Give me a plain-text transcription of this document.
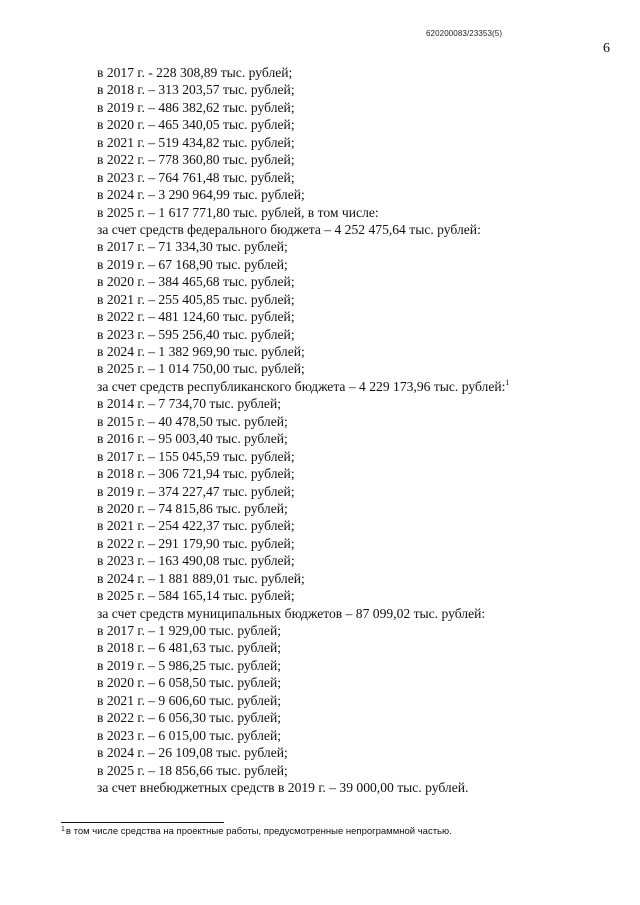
620200083/23353(5)
6
в 2017 г. - 228 308,89 тыс. рублей;
в 2018 г. – 313 203,57 тыс. рублей;
в 2019 г. – 486 382,62 тыс. рублей;
в 2020 г. – 465 340,05 тыс. рублей;
в 2021 г. – 519 434,82 тыс. рублей;
в 2022 г. – 778 360,80 тыс. рублей;
в 2023 г. – 764 761,48 тыс. рублей;
в 2024 г. – 3 290 964,99 тыс. рублей;
в 2025 г. – 1 617 771,80 тыс. рублей, в том числе:
за счет средств федерального бюджета – 4 252 475,64 тыс. рублей:
в 2017 г. – 71 334,30 тыс. рублей;
в 2019 г. – 67 168,90 тыс. рублей;
в 2020 г. – 384 465,68 тыс. рублей;
в 2021 г. – 255 405,85 тыс. рублей;
в 2022 г. – 481 124,60 тыс. рублей;
в 2023 г. – 595 256,40 тыс. рублей;
в 2024 г. – 1 382 969,90 тыс. рублей;
в 2025 г. – 1 014 750,00 тыс. рублей;
за счет средств республиканского бюджета – 4 229 173,96 тыс. рублей:$^1$
в 2014 г. – 7 734,70 тыс. рублей;
в 2015 г. – 40 478,50 тыс. рублей;
в 2016 г. – 95 003,40 тыс. рублей;
в 2017 г. – 155 045,59 тыс. рублей;
в 2018 г. – 306 721,94 тыс. рублей;
в 2019 г. – 374 227,47 тыс. рублей;
в 2020 г. – 74 815,86 тыс. рублей;
в 2021 г. – 254 422,37 тыс. рублей;
в 2022 г. – 291 179,90 тыс. рублей;
в 2023 г. – 163 490,08 тыс. рублей;
в 2024 г. – 1 881 889,01 тыс. рублей;
в 2025 г. – 584 165,14 тыс. рублей;
за счет средств муниципальных бюджетов – 87 099,02 тыс. рублей:
в 2017 г. – 1 929,00 тыс. рублей;
в 2018 г. – 6 481,63 тыс. рублей;
в 2019 г. – 5 986,25 тыс. рублей;
в 2020 г. – 6 058,50 тыс. рублей;
в 2021 г. – 9 606,60 тыс. рублей;
в 2022 г. – 6 056,30 тыс. рублей;
в 2023 г. – 6 015,00 тыс. рублей;
в 2024 г. – 26 109,08 тыс. рублей;
в 2025 г. – 18 856,66 тыс. рублей;
за счет внебюджетных средств в 2019 г. – 39 000,00 тыс. рублей.
$^1$в том числе средства на проектные работы, предусмотренные непрограммной частью.
